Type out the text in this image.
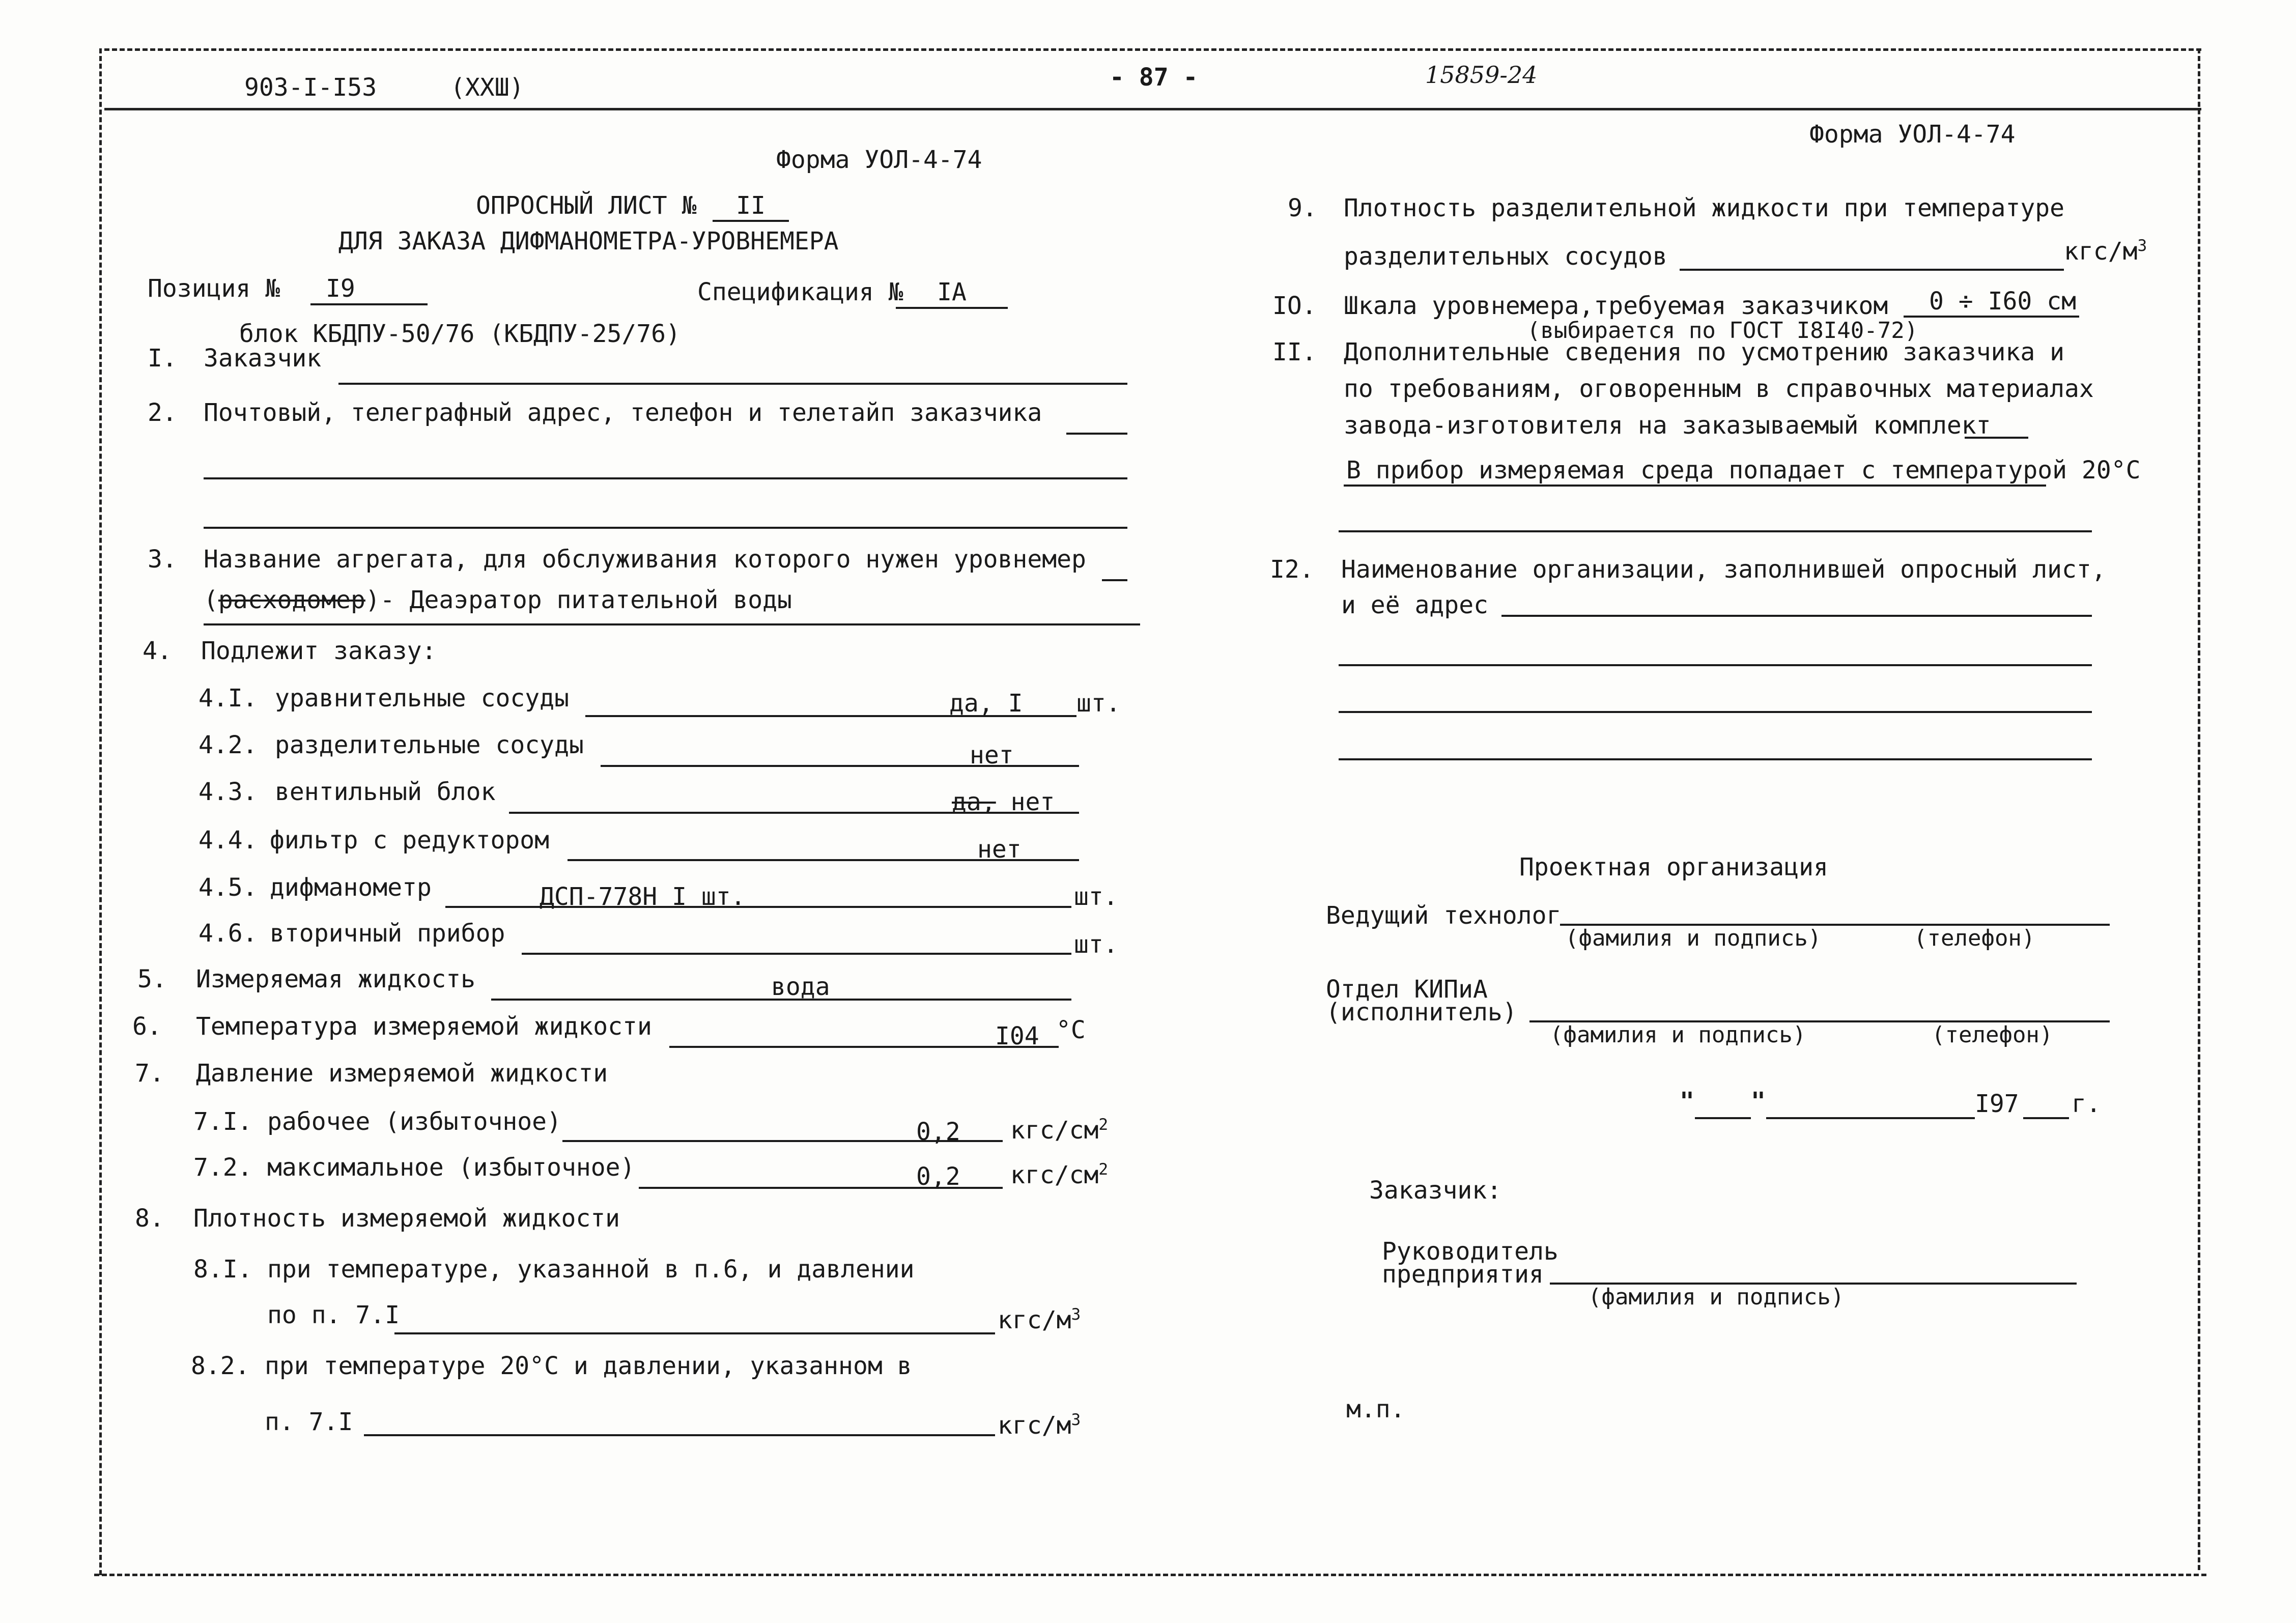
903-I-I53	(XXШ)	- 87 -	15859-24
Форма УОЛ-4-74
Форма УОЛ-4-74
ОПРОСНЫЙ ЛИСТ №	II
ДЛЯ ЗАКАЗА ДИФМАНОМЕТРА-УРОВНЕМЕРА
Позиция №	I9	Спецификация №	IA
блок КБДПУ-50/76 (КБДПУ-25/76)
I. Заказчик
2. Почтовый, телеграфный адрес, телефон и телетайп заказчика
3. Название агрегата, для обслуживания которого нужен уровнемер
(расходомер)- Деаэратор питательной воды
4. Подлежит заказу:
4.I. уравнительные сосуды	да, I шт.
4.2. разделительные сосуды	нет
4.3. вентильный блок	да, нет
4.4. фильтр с редуктором	нет
4.5. дифманометр	ДСП-778Н I шт.	шт.
4.6. вторичный прибор	шт.
5. Измеряемая жидкость	вода
6. Температура измеряемой жидкости	I04 °C
7. Давление измеряемой жидкости
7.I. рабочее (избыточное)	0,2 кгс/$см^2$
7.2. максимальное (избыточное)	0,2 кгс/$см^2$
8. Плотность измеряемой жидкости
8.I. при температуре, указанной в п.6, и давлении
по п. 7.I	кгс/$м^3$
8.2. при температуре 20°С и давлении, указанном в
п. 7.I	кгс/$м^3$
9. Плотность разделительной жидкости при температуре
разделительных сосудов	кгс/$м^3$
IO. Шкала уровнемера,требуемая заказчиком 0 ÷ I60 см
(выбирается по ГОСТ I8I40-72)
II. Дополнительные сведения по усмотрению заказчика и
по требованиям, оговоренным в справочных материалах
завода-изготовителя на заказываемый комплект
В прибор измеряемая среда попадает с температурой 20°С
I2. Наименование организации, заполнившей опросный лист,
и её адрес
Проектная организация
Ведущий технолог
(фамилия и подпись)	(телефон)
Отдел КИПиА
(исполнитель)
(фамилия и подпись)	(телефон)
" "	I97 г.
Заказчик:
Руководитель
предприятия
(фамилия и подпись)
м.п.
